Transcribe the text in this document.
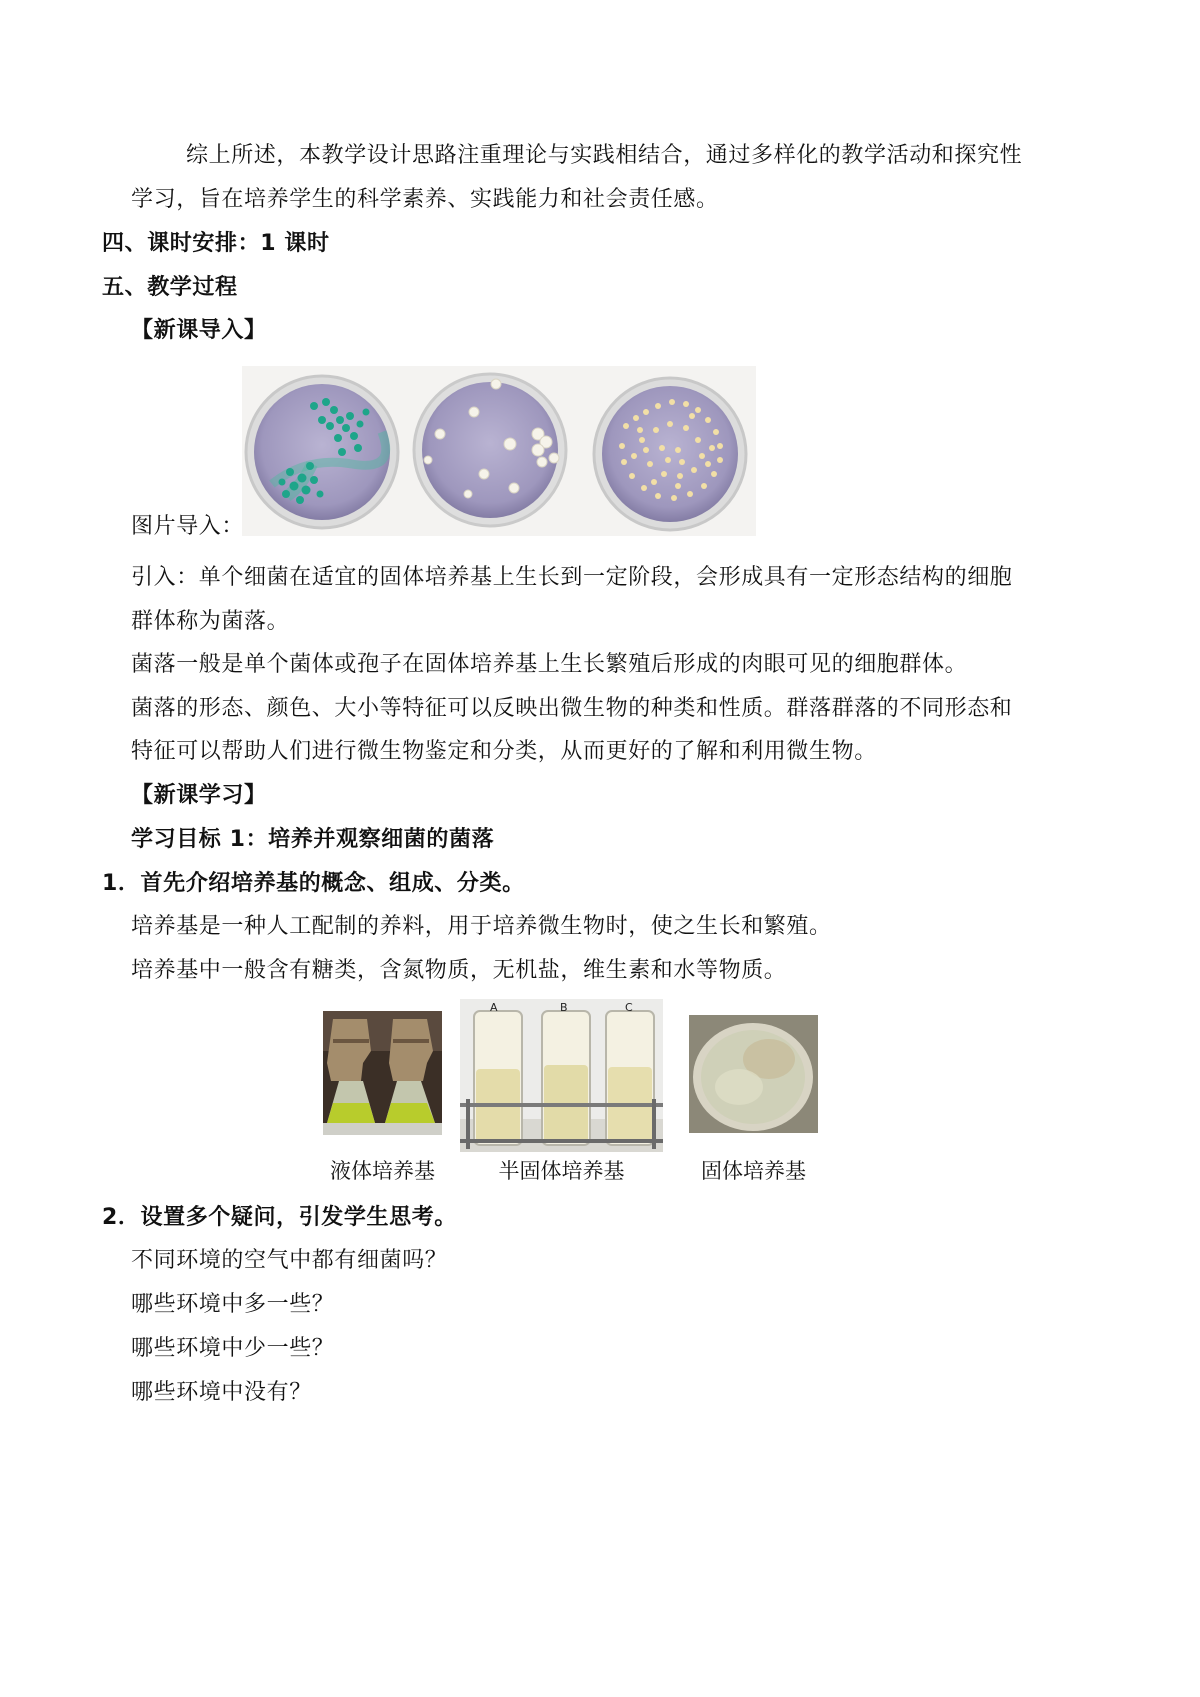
综上所述，本教学设计思路注重理论与实践相结合，通过多样化的教学活动和探究性
学习，旨在培养学生的科学素养、实践能力和社会责任感。
四、课时安排：1 课时
五、教学过程
【新课导入】
图片导入：
引入：单个细菌在适宜的固体培养基上生长到一定阶段，会形成具有一定形态结构的细胞
群体称为菌落。
菌落一般是单个菌体或孢子在固体培养基上生长繁殖后形成的肉眼可见的细胞群体。
菌落的形态、颜色、大小等特征可以反映出微生物的种类和性质。群落群落的不同形态和
特征可以帮助人们进行微生物鉴定和分类，从而更好的了解和利用微生物。
【新课学习】
学习目标 1：培养并观察细菌的菌落
1．首先介绍培养基的概念、组成、分类。
培养基是一种人工配制的养料，用于培养微生物时，使之生长和繁殖。
培养基中一般含有糖类，含氮物质，无机盐，维生素和水等物质。
A	B	C
液体培养基	半固体培养基	固体培养基
2．设置多个疑问，引发学生思考。
不同环境的空气中都有细菌吗？
哪些环境中多一些？
哪些环境中少一些？
哪些环境中没有？
